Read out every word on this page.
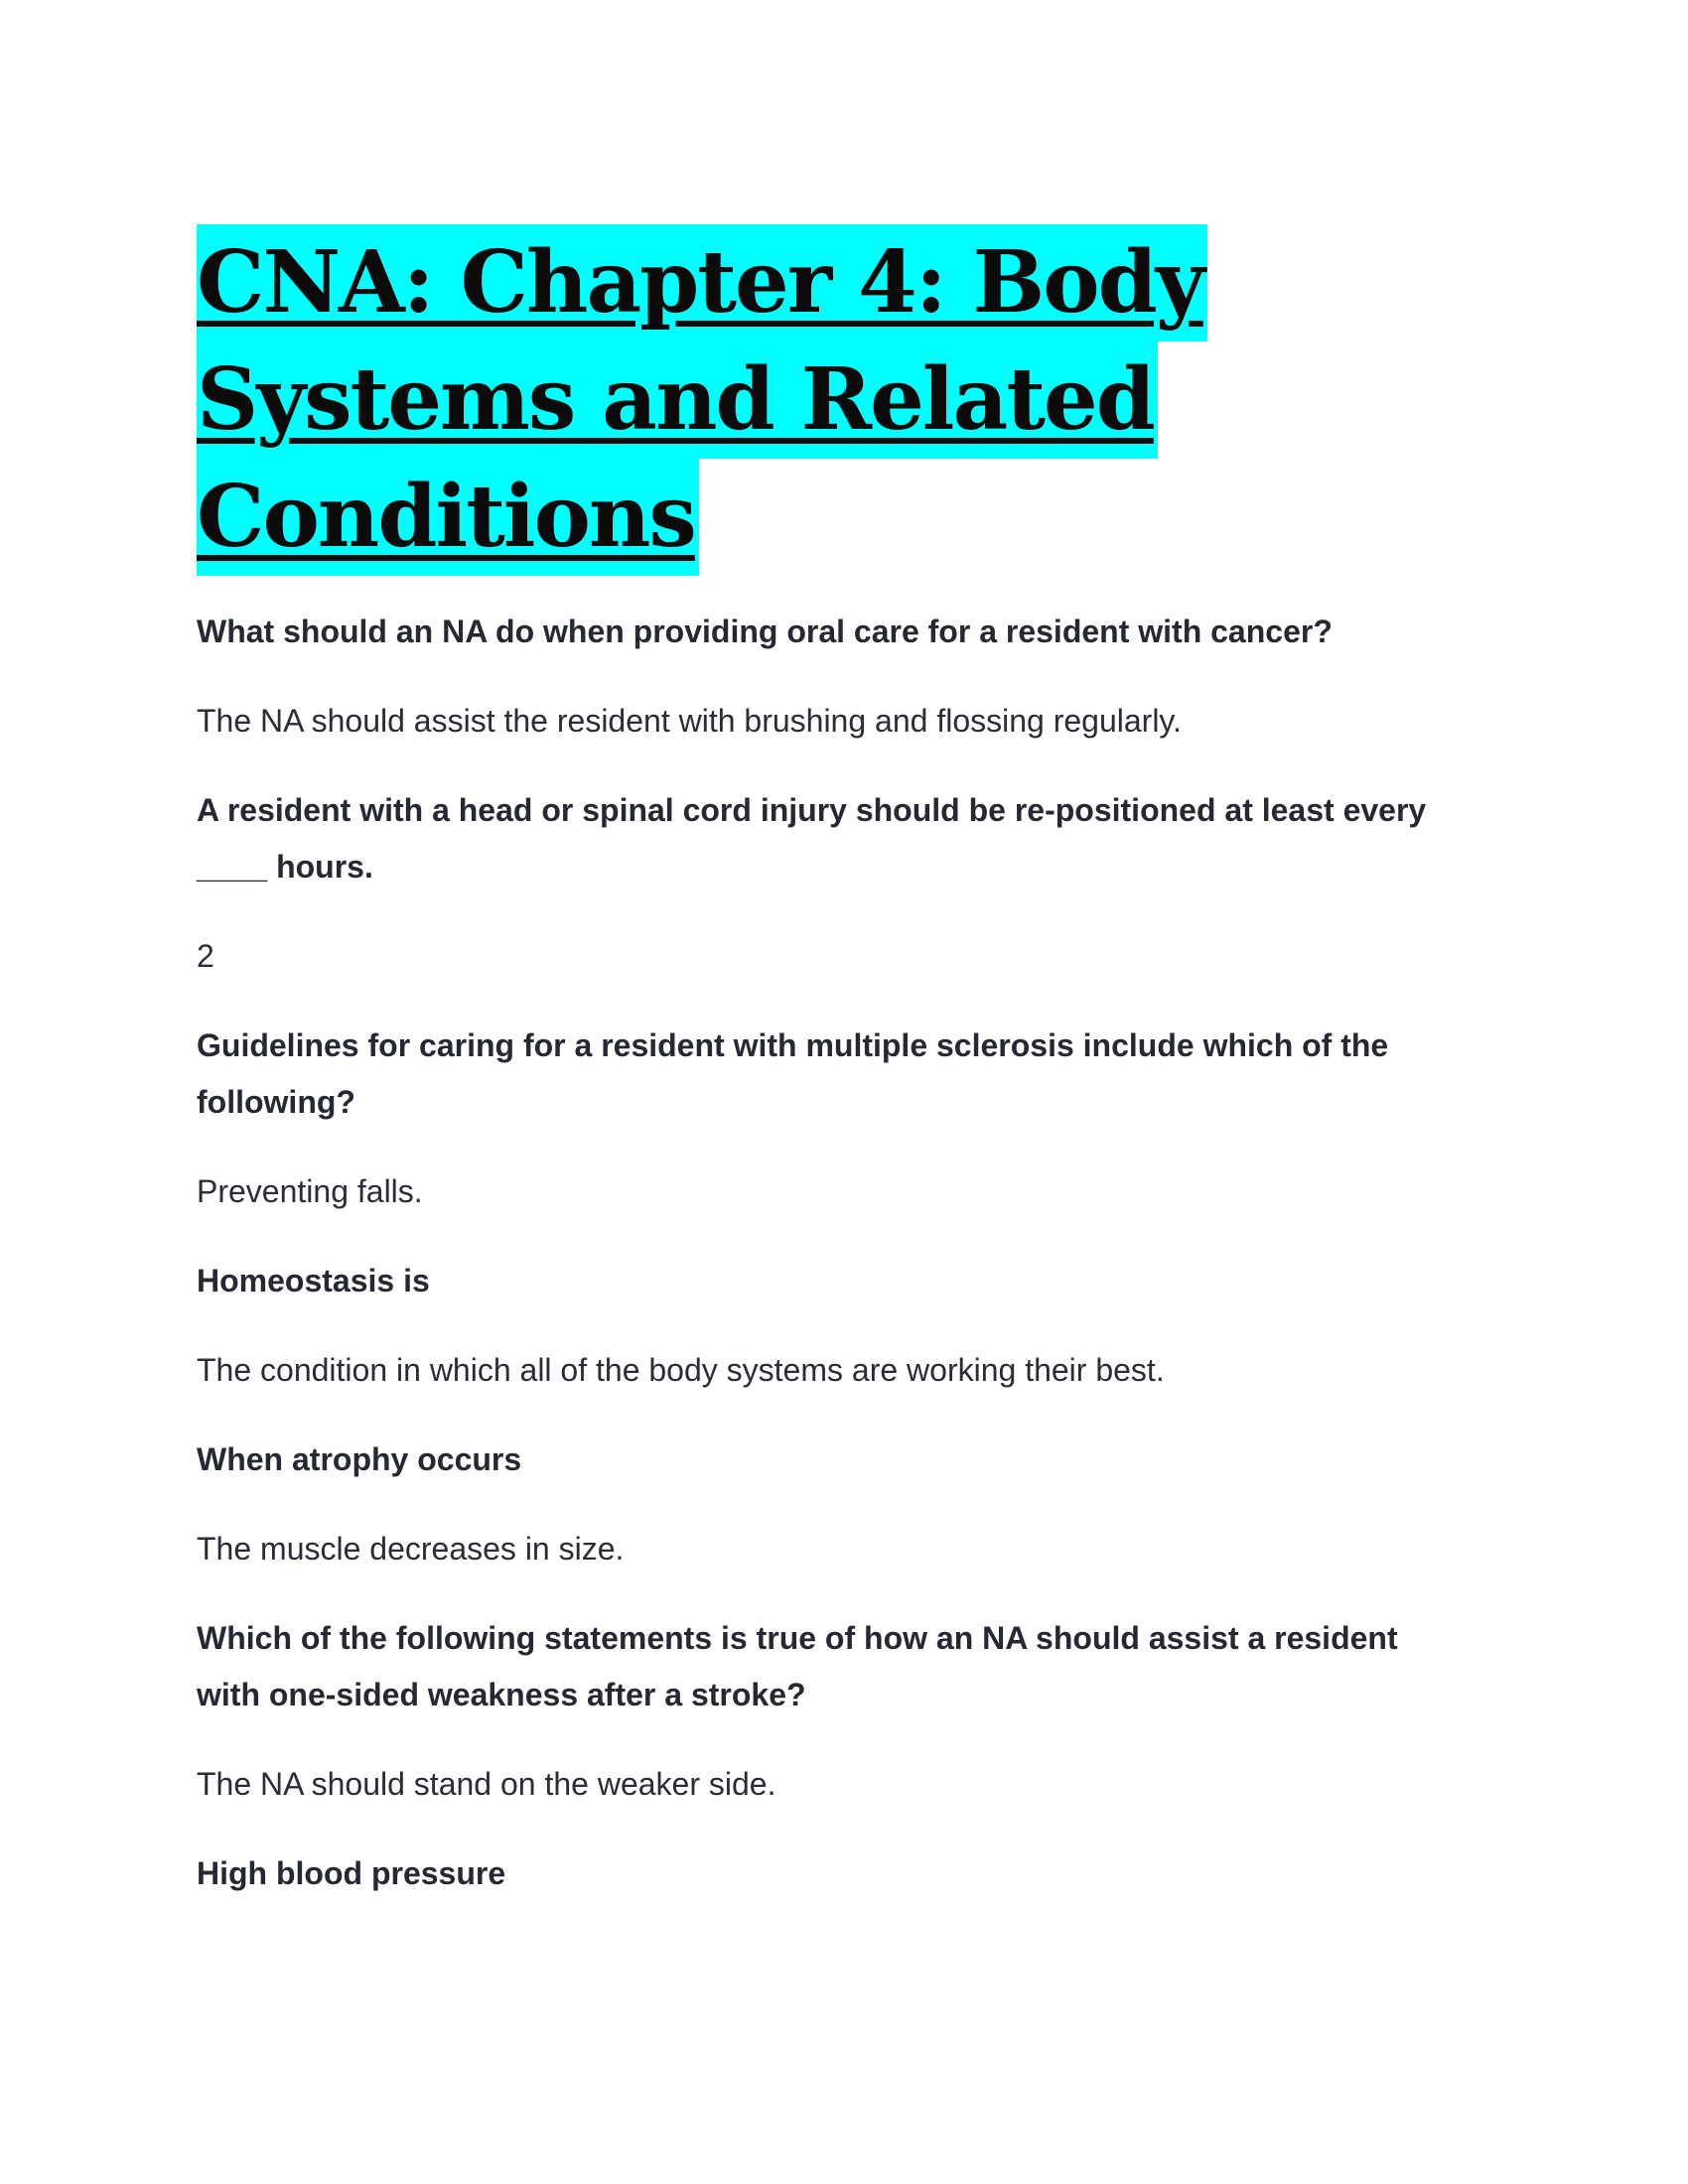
CNA: Chapter 4: Body
Systems and Related
Conditions

What should an NA do when providing oral care for a resident with cancer?

The NA should assist the resident with brushing and flossing regularly.

A resident with a head or spinal cord injury should be re-positioned at least every
____ hours.

2

Guidelines for caring for a resident with multiple sclerosis include which of the
following?

Preventing falls.

Homeostasis is

The condition in which all of the body systems are working their best.

When atrophy occurs

The muscle decreases in size.

Which of the following statements is true of how an NA should assist a resident
with one-sided weakness after a stroke?

The NA should stand on the weaker side.

High blood pressure
